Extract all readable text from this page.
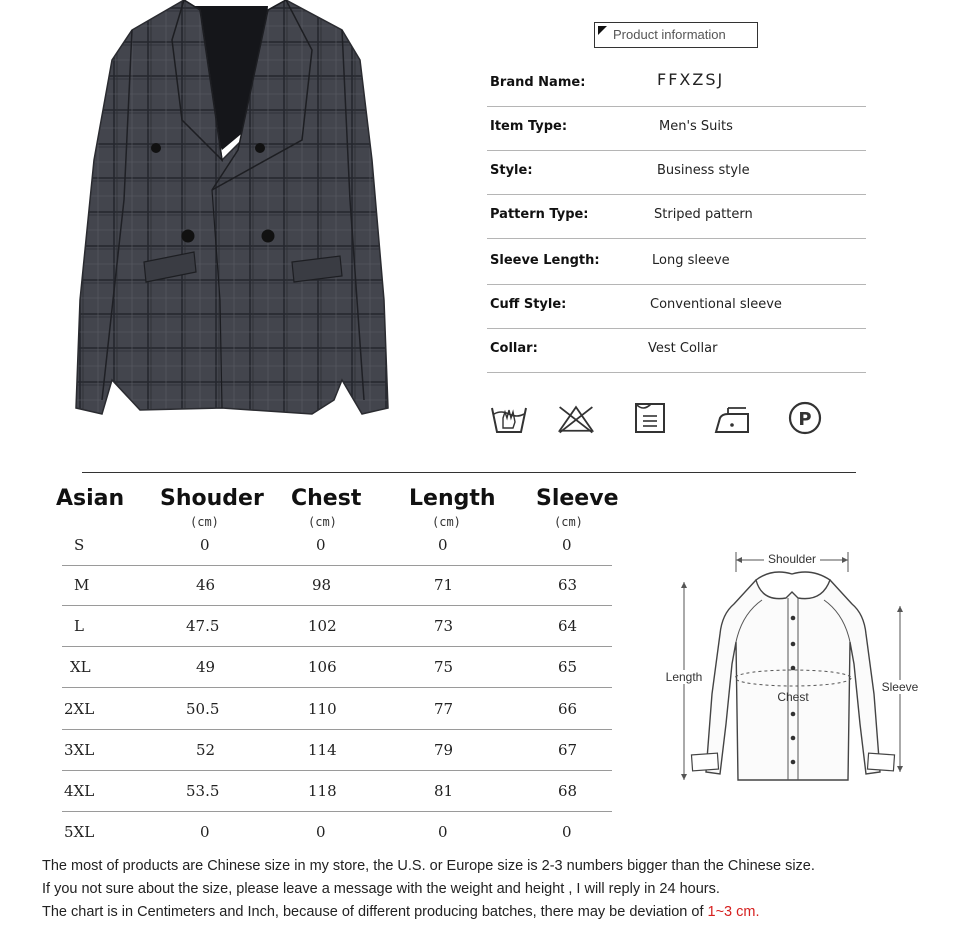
Product information
Brand Name:	FFXZSJ
Item Type:	Men's Suits
Style:	Business style
Pattern Type:	Striped pattern
Sleeve Length:	Long sleeve
Cuff Style:	Conventional sleeve
Collar:	Vest Collar
P
Asian Shouder Chest Length Sleeve
(cm)	(cm)	(cm)	(cm)
S	0	0	0	0
M	46	98	71	63
L	47.5	102	73	64
XL	49	106	75	65
2XL	50.5	110	77	66
3XL	52	114	79	67
4XL	53.5	118	81	68
5XL	0	0	0	0
Shoulder
Chest
Length
Sleeve
The most of products are Chinese size in my store, the U.S. or Europe size is 2-3 numbers bigger than the Chinese size.
If you not sure about the size, please leave a message with the weight and height , I will reply in 24 hours.
The chart is in Centimeters and Inch, because of different producing batches, there may be deviation of 1~3 cm.
